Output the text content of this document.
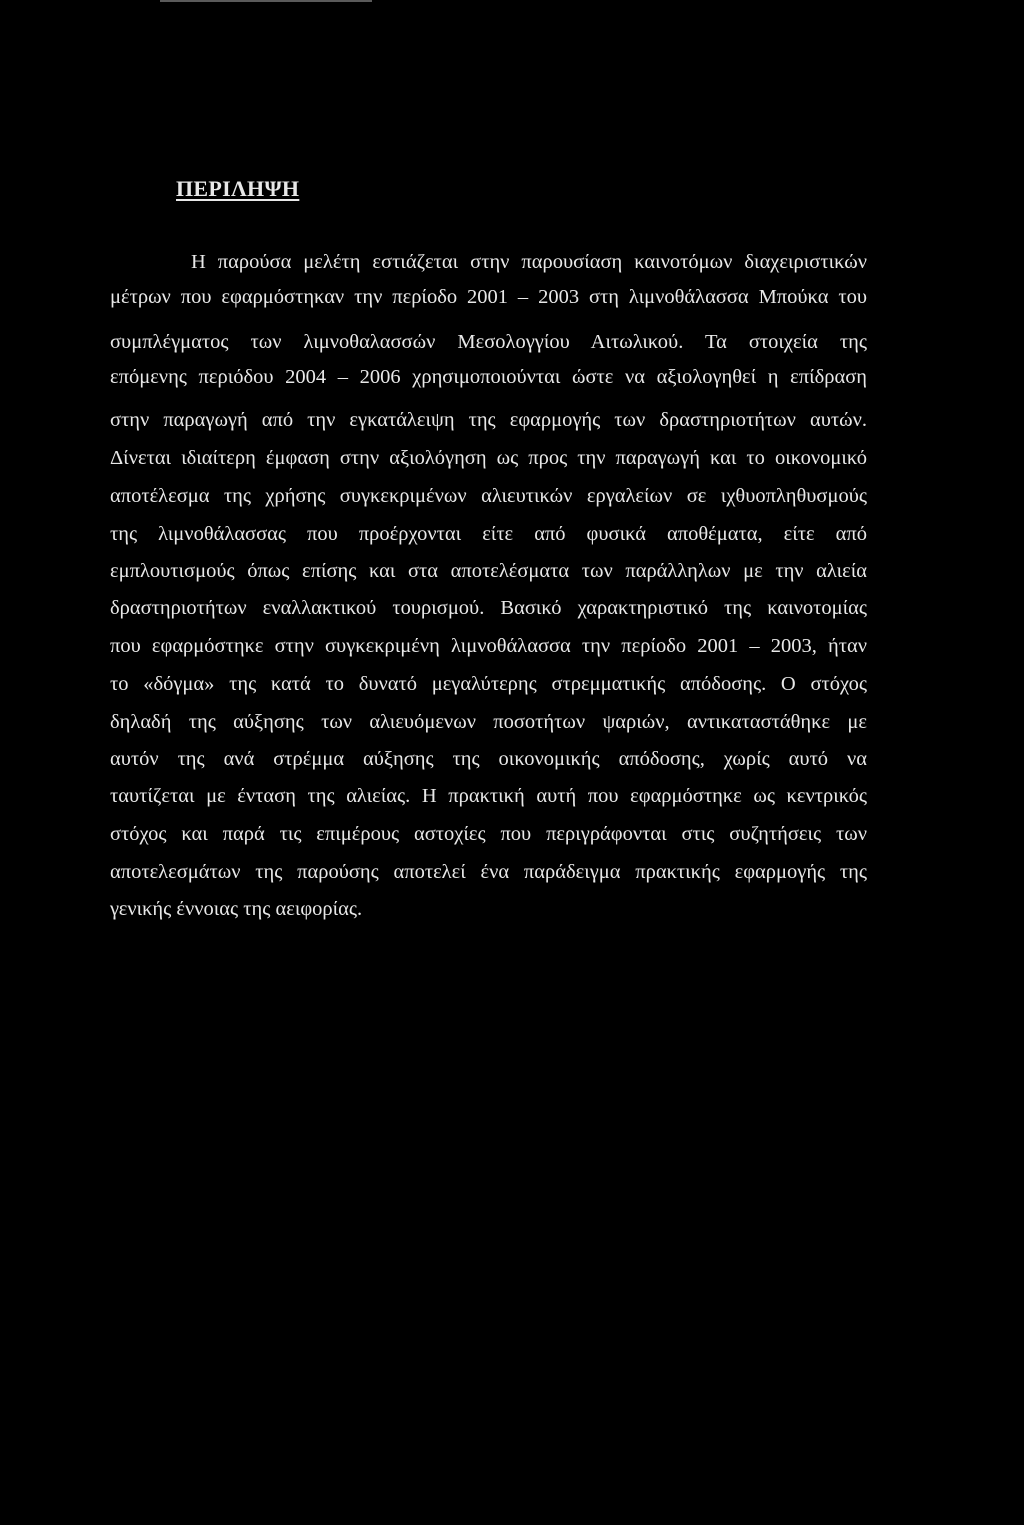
ΠΕΡΙΛΗΨΗ
Η παρούσα μελέτη εστιάζεται στην παρουσίαση καινοτόμων διαχειριστικών
μέτρων που εφαρμόστηκαν την περίοδο 2001 – 2003 στη λιμνοθάλασσα Μπούκα του
συμπλέγματος των λιμνοθαλασσών Μεσολογγίου Αιτωλικού. Τα στοιχεία της
επόμενης περιόδου 2004 – 2006 χρησιμοποιούνται ώστε να αξιολογηθεί η επίδραση
στην παραγωγή από την εγκατάλειψη της εφαρμογής των δραστηριοτήτων αυτών.
Δίνεται ιδιαίτερη έμφαση στην αξιολόγηση ως προς την παραγωγή και το οικονομικό
αποτέλεσμα της χρήσης συγκεκριμένων αλιευτικών εργαλείων σε ιχθυοπληθυσμούς
της λιμνοθάλασσας που προέρχονται είτε από φυσικά αποθέματα, είτε από
εμπλουτισμούς όπως επίσης και στα αποτελέσματα των παράλληλων με την αλιεία
δραστηριοτήτων εναλλακτικού τουρισμού. Βασικό χαρακτηριστικό της καινοτομίας
που εφαρμόστηκε στην συγκεκριμένη λιμνοθάλασσα την περίοδο 2001 – 2003, ήταν
το «δόγμα» της κατά το δυνατό μεγαλύτερης στρεμματικής απόδοσης. Ο στόχος
δηλαδή της αύξησης των αλιευόμενων ποσοτήτων ψαριών, αντικαταστάθηκε με
αυτόν της ανά στρέμμα αύξησης της οικονομικής απόδοσης, χωρίς αυτό να
ταυτίζεται με ένταση της αλιείας. Η πρακτική αυτή που εφαρμόστηκε ως κεντρικός
στόχος και παρά τις επιμέρους αστοχίες που περιγράφονται στις συζητήσεις των
αποτελεσμάτων της παρούσης αποτελεί ένα παράδειγμα πρακτικής εφαρμογής της
γενικής έννοιας της αειφορίας.
